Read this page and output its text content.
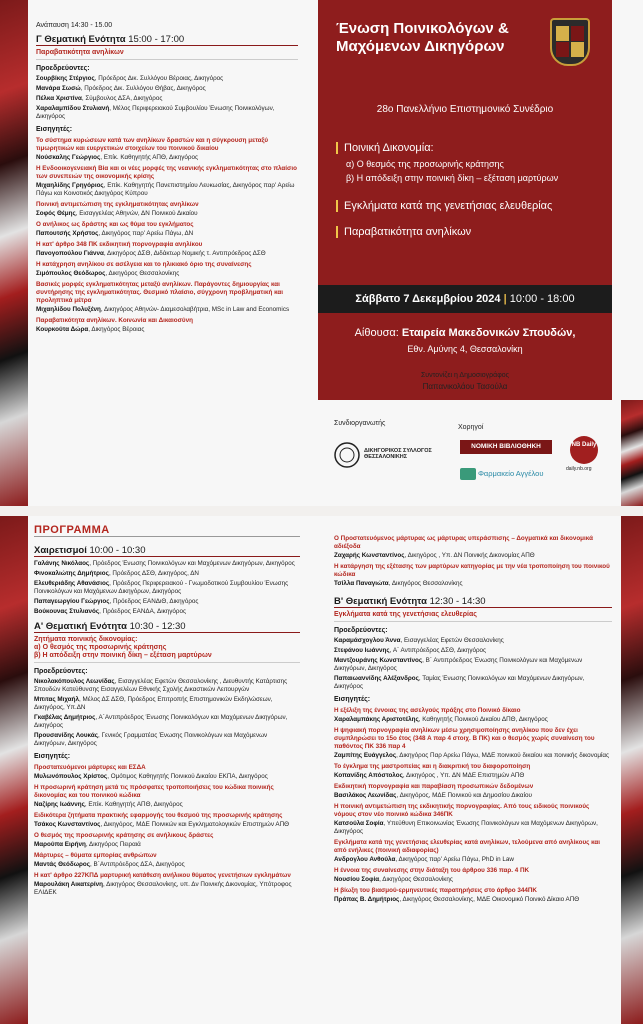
Ανάπαυση 14:30 - 15.00
Γ Θεματική Ενότητα 15:00 - 17:00
Παραβατικότητα ανηλίκων
Προεδρεύοντες:
Σουρβίκης Στέργιος, Πρόεδρος Δικ. Συλλόγου Βέροιας, Δικηγόρος
Μανάρα Σωσώ, Πρόεδρος Δικ. Συλλόγου Θήβας, Δικηγόρος
Πέλκα Χριστίνα, Σύμβουλος ΔΣΑ, Δικηγόρος
Χαραλαμπίδου Στυλιανή, Μέλος Περιφερειακού Συμβουλίου Ένωσης Ποινικολόγων, Δικηγόρος
Εισηγητές:
Το σύστημα κυρώσεων κατά των ανηλίκων δραστών και η σύγκρουση μεταξύ τιμωρητικών και ευεργετικών στοιχείων του ποινικού δικαίου
Νούσκαλης Γεώργιος, Επίκ. Καθηγητής ΑΠΘ, Δικηγόρος
Η Ενδοοικογενειακή Βία και οι νέες μορφές της νεανικής εγκληματικότητας στο πλαίσιο των συνεπειών της οικονομικής κρίσης
Μιχαηλίδης Γρηγόριος, Επίκ. Καθηγητής Πανεπιστημίου Λευκωσίας, Δικηγόρος παρ' Αρείω Πάγω και Κοινοτικός Δικηγόρος Κύπρου
Ποινική αντιμετώπιση της εγκληματικότητας ανηλίκων
Σοφός Θέμης, Εισαγγελέας Αθηνών, ΔΝ Ποινικού Δικαίου
Ο ανήλικος ως δράστης και ως θύμα του εγκλήματος
Παπουτσής Χρήστος, Δικηγόρος παρ' Αρείω Πάγω, ΔΝ
Η κατ' άρθρο 348 ΠΚ εκδικητική πορνογραφία ανηλίκου
Πανογοπούλου Γιάννα, Δικηγόρος ΔΣΘ, Διδάκτωρ Νομικής τ. Αντιπρόεδρος ΔΣΘ
Η κατάχρηση ανηλίκου σε ασέλγεια και το ηλικιακό όριο της συναίνεσης
Σιμόπουλος Θεόδωρος, Δικηγόρος Θεσσαλονίκης
Βασικές μορφές εγκληματικότητας μεταξύ ανηλίκων. Παράγοντες δημιουργίας και συντήρησης της εγκληματικότητας. Θεσμικό πλαίσιο, σύγχρονη προβληματική και προληπτικά μέτρα
Μιχαηλίδου Πολυξένη, Δικηγόρος Αθηνών- Διαμεσολαβήτρια, MSc in Law and Economics
Παραβατικότητα ανηλίκων. Κοινωνία και Δικαιοσύνη
Κουρκούτα Δώρα, Δικηγόρος Βέροιας
Ένωση Ποινικολόγων &
Μαχόμενων Δικηγόρων
28ο Πανελλήνιο Επιστημονικό Συνέδριο
Ποινική Δικονομία:
α) Ο θεσμός της προσωρινής κράτησης
β) Η απόδειξη στην ποινική δίκη – εξέταση μαρτύρων
Εγκλήματα κατά της γενετήσιας ελευθερίας
Παραβατικότητα ανηλίκων
Σάββατο 7 Δεκεμβρίου 2024 | 10:00 - 18:00
Αίθουσα: Εταιρεία Μακεδονικών Σπουδών,
Εθν. Αμύνης 4, Θεσσαλονίκη
Συντονίζει η Δημοσιογράφος
Παπανικολάου Τασούλα
Συνδιοργανωτής
ΔΙΚΗΓΟΡΙΚΟΣ ΣΥΛΛΟΓΟΣ ΘΕΣΣΑΛΟΝΙΚΗΣ
Χορηγοί
ΝΟΜΙΚΗ ΒΙΒΛΙΟΘΗΚΗ
Φαρμακείο Αγγέλου
NB Daily
daily.nb.org
ΠΡΟΓΡΑΜΜΑ
Χαιρετισμοί 10:00 - 10:30
Γαλάνης Νικόλαος, Πρόεδρος Ένωσης Ποινικολόγων και Μαχόμενων Δικηγόρων, Δικηγόρος
Φινοκαλιώτης Δημήτριος, Πρόεδρος ΔΣΘ, Δικηγόρος, ΔΝ
Ελευθεριάδης Αθανάσιος, Πρόεδρος Περιφερειακού - Γνωμοδοτικού Συμβουλίου Ένωσης Ποινικολόγων και Μαχόμενων Δικηγόρων, Δικηγόρος
Παπαγεωργίου Γεώργιος, Πρόεδρος ΕΑΝΔιΘ, Δικηγόρος
Βούκουνας Στυλιανός, Πρόεδρος ΕΑΝΔΑ, Δικηγόρος
Α' Θεματική Ενότητα 10:30 - 12:30
Ζητήματα ποινικής δικονομίας:
α) Ο θεσμός της προσωρινής κράτησης
β) Η απόδειξη στην ποινική δίκη – εξέταση μαρτύρων
Προεδρεύοντες:
Νικολακόπουλος Λεωνίδας, Εισαγγελέας Εφετών Θεσσαλονίκης , Διευθυντής Κατάρτισης Σπουδών Κατεύθυνσης Εισαγγελέων Εθνικής Σχολής Δικαστικών Λειτουργών
Μπιτας Μιχαήλ, Μέλος ΔΣ ΔΣΘ, Πρόεδρος Επιτροπής Επιστημονικών Εκδηλώσεων, Δικηγόρος, Υπ.ΔΝ
Γκαβέλας Δημήτριος, Α΄Αντιπρόεδρος Ένωσης Ποινικολόγων και Μαχόμενων Δικηγόρων, Δικηγόρος
Προυσανίδης Λουκάς, Γενικός Γραμματέας Ένωσης Ποινικολόγων και Μαχόμενων Δικηγόρων, Δικηγόρος
Εισηγητές:
Προστατευόμενοι μάρτυρες και ΕΣΔΑ
Μυλωνόπουλος Χρίστος, Ομότιμος Καθηγητής Ποινικού Δικαίου ΕΚΠΑ, Δικηγόρος
Η προσωρινή κράτηση μετά τις πρόσφατες τροποποιήσεις του κώδικα ποινικής δικονομίας και του ποινικού κώδικα
Ναζίρης Ιωάννης, Επίκ. Καθηγητής ΑΠΘ, Δικηγόρος
Ειδικότερα ζητήματα πρακτικής εφαρμογής του θεσμού της προσωρινής κράτησης
Τσάκος Κωνσταντίνος, Δικηγόρος, ΜΔΕ Ποινικών και Εγκληματολογικών Επιστημών ΑΠΘ
Ο θεσμός της προσωρινής κράτησης σε ανήλικους δράστες
Μαρούπα Ειρήνη, Δικηγόρος Πειραιά
Μάρτυρες – θύματα εμπορίας ανθρώπων
Μαντάς Θεόδωρος, Β΄Αντιπρόεδρος ΔΣΑ, Δικηγόρος
Η κατ' άρθρο 227ΚΠΔ μαρτυρική κατάθεση ανήλικου θύματος γενετήσιων εγκλημάτων
Μαρουλάκη Αικατερίνη, Δικηγόρος Θεσσαλονίκης, υπ. Δν Ποινικής Δικονομίας, Υπότροφος ΕΛΙΔΕΚ
Ο Προστατευόμενος μάρτυρας ως μάρτυρας υπεράσπισης – Δογματικά και δικονομικά αδιέξοδα
Ζαχαρής Κωνσταντίνος, Δικηγόρος , Υπ. ΔΝ Ποινικής Δικονομίας ΑΠΘ
Η κατάργηση της εξέτασης των μαρτύρων κατηγορίας με την νέα τροποποίηση του ποινικού κώδικα
Τσίλλα Παναγιώτα, Δικηγόρος Θεσσαλονίκης
Β' Θεματική Ενότητα 12:30 - 14:30
Εγκλήματα κατά της γενετήσιας ελευθερίας
Προεδρεύοντες:
Καραμάσχογλου Άννα, Εισαγγελέας Εφετών Θεσσαλονίκης
Στεφάνου Ιωάννης, Α΄ Αντιπρόεδρος ΔΣΘ, Δικηγόρος
Μαντζουράνης Κωνσταντίνος, Β΄ Αντιπρόεδρος Ένωσης Ποινικολόγων και Μαχόμενων Δικηγόρων, Δικηγόρος
Παπαιωαννίδης Αλέξανδρος, Ταμίας Ένωσης Ποινικολόγων και Μαχόμενων Δικηγόρων, Δικηγόρος
Εισηγητές:
Η εξέλιξη της έννοιας της ασελγούς πράξης στο Ποινικό δίκαιο
Χαραλαμπάκης Αριστοτέλης, Καθηγητής Ποινικού Δικαίου ΔΠΘ, Δικηγόρος
Η ψηφιακή πορνογραφία ανηλίκων μέσω χρησιμοποίησης ανηλίκου που δεν έχει συμπληρώσει το 15ο έτος (348 Α παρ 4 στοιχ. Β ΠΚ) και ο θεσμός χωρίς συναίνεση του παθόντος ΠΚ 336 παρ 4
Ζαμπίτης Ευάγγελος, Δικηγόρος Παρ Αρείω Πάγω, ΜΔΕ ποινικού δικαίου και ποινικής δικονομίας
Το έγκλημα της μαστροπείας και η διακριτική του διαφοροποίηση
Κοπανίδης Απόστολος, Δικηγόρος , Υπ. ΔΝ ΜΔΕ Επιστημών ΑΠΘ
Εκδικητική πορνογραφία και παραβίαση προσωπικών δεδομένων
Βασιλάκος Λεωνίδας, Δικηγόρος, ΜΔΕ Ποινικού και Δημοσίου Δικαίου
Η ποινική αντιμετώπιση της εκδικητικής πορνογραφίας. Από τους ειδικούς ποινικούς νόμους στον νέο ποινικό κώδικα 346ΠΚ
Κατσούλα Σοφία, Υπεύθυνη Επικοινωνίας Ένωσης Ποινικολόγων και Μαχόμενων Δικηγόρων, Δικηγόρος
Εγκλήματα κατά της γενετήσιας ελευθερίας κατά ανηλίκων, τελούμενα από ανηλίκους και από ενήλικες (ποινική αδιαφορίας)
Ανδρογλου Ανθούλα, Δικηγόρος παρ' Αρείω Πάγω, PhD in Law
Η έννοια της συναίνεσης στην διάταξη του άρθρου 336 παρ. 4 ΠΚ
Νουσίου Σοφία, Δικηγόρος Θεσσαλονίκης
Η βίωξη του βιασμού-ερμηνευτικές παρατηρήσεις στο άρθρο 344ΠΚ
Πράπας Β. Δημήτριος, Δικηγόρος Θεσσαλονίκης, ΜΔΕ Οικονομικό Ποινικό Δίκαιο ΑΠΘ
